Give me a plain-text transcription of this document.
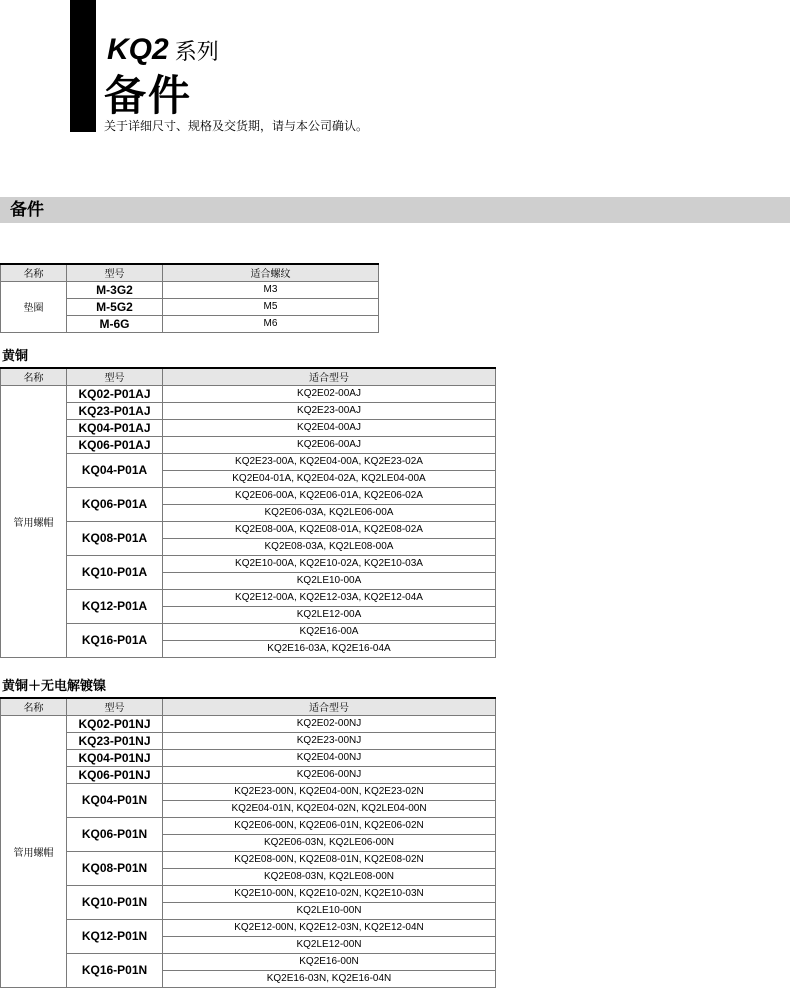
KQ2 系列
备件
关于详细尺寸、规格及交货期，请与本公司确认。
备件
名称	型号	适合螺纹
垫圈	M-3G2	M3
	M-5G2	M5
	M-6G	M6
黄铜
名称	型号	适合型号
管用螺帽	KQ02-P01AJ	KQ2E02-00AJ
	KQ23-P01AJ	KQ2E23-00AJ
	KQ04-P01AJ	KQ2E04-00AJ
	KQ06-P01AJ	KQ2E06-00AJ
	KQ04-P01A	KQ2E23-00A, KQ2E04-00A, KQ2E23-02A
		KQ2E04-01A, KQ2E04-02A, KQ2LE04-00A
	KQ06-P01A	KQ2E06-00A, KQ2E06-01A, KQ2E06-02A
		KQ2E06-03A, KQ2LE06-00A
	KQ08-P01A	KQ2E08-00A, KQ2E08-01A, KQ2E08-02A
		KQ2E08-03A, KQ2LE08-00A
	KQ10-P01A	KQ2E10-00A, KQ2E10-02A, KQ2E10-03A
		KQ2LE10-00A
	KQ12-P01A	KQ2E12-00A, KQ2E12-03A, KQ2E12-04A
		KQ2LE12-00A
	KQ16-P01A	KQ2E16-00A
		KQ2E16-03A, KQ2E16-04A
黄铜＋无电解镀镍
名称	型号	适合型号
管用螺帽	KQ02-P01NJ	KQ2E02-00NJ
	KQ23-P01NJ	KQ2E23-00NJ
	KQ04-P01NJ	KQ2E04-00NJ
	KQ06-P01NJ	KQ2E06-00NJ
	KQ04-P01N	KQ2E23-00N, KQ2E04-00N, KQ2E23-02N
		KQ2E04-01N, KQ2E04-02N, KQ2LE04-00N
	KQ06-P01N	KQ2E06-00N, KQ2E06-01N, KQ2E06-02N
		KQ2E06-03N, KQ2LE06-00N
	KQ08-P01N	KQ2E08-00N, KQ2E08-01N, KQ2E08-02N
		KQ2E08-03N, KQ2LE08-00N
	KQ10-P01N	KQ2E10-00N, KQ2E10-02N, KQ2E10-03N
		KQ2LE10-00N
	KQ12-P01N	KQ2E12-00N, KQ2E12-03N, KQ2E12-04N
		KQ2LE12-00N
	KQ16-P01N	KQ2E16-00N
		KQ2E16-03N, KQ2E16-04N
